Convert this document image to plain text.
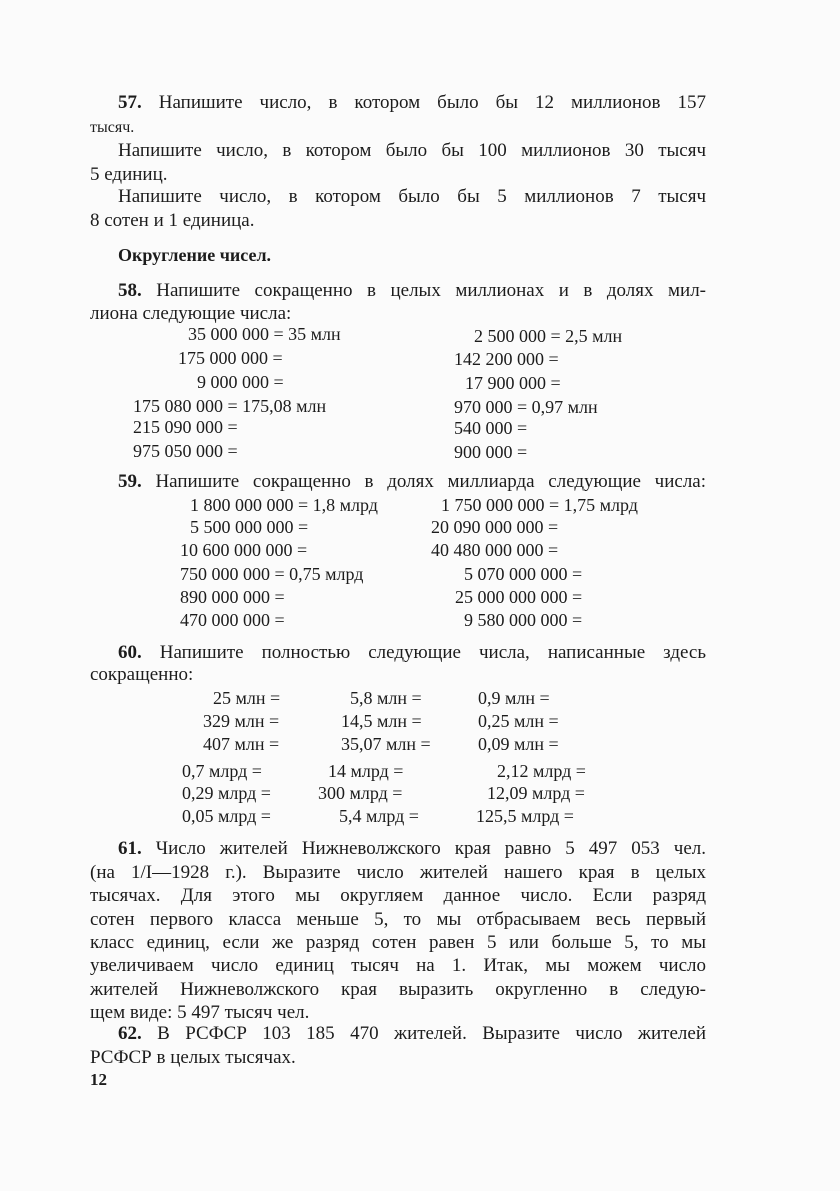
57. Напишите число, в котором было бы 12 миллионов 157
тысяч.
Напишите число, в котором было бы 100 миллионов 30 тысяч
5 единиц.
Напишите число, в котором было бы 5 миллионов 7 тысяч
8 сотен и 1 единица.
Округление чисел.
58. Напишите сокращенно в целых миллионах и в долях мил-
лиона следующие числа:
35 000 000 = 35 млн
175 000 000 =
9 000 000 =
175 080 000 = 175,08 млн
215 090 000 =
975 050 000 =
2 500 000 = 2,5 млн
142 200 000 =
17 900 000 =
970 000 = 0,97 млн
540 000 =
900 000 =
59. Напишите сокращенно в долях миллиарда следующие числа:
1 800 000 000 = 1,8 млрд
5 500 000 000 =
10 600 000 000 =
750 000 000 = 0,75 млрд
890 000 000 =
470 000 000 =
1 750 000 000 = 1,75 млрд
20 090 000 000 =
40 480 000 000 =
5 070 000 000 =
25 000 000 000 =
9 580 000 000 =
60. Напишите полностью следующие числа, написанные здесь
сокращенно:
25 млн =
329 млн =
407 млн =
0,7 млрд =
0,29 млрд =
0,05 млрд =
5,8 млн =
14,5 млн =
35,07 млн =
14 млрд =
300 млрд =
5,4 млрд =
0,9 млн =
0,25 млн =
0,09 млн =
2,12 млрд =
12,09 млрд =
125,5 млрд =
61. Число жителей Нижневолжского края равно 5 497 053 чел.
(на 1/I—1928 г.). Выразите число жителей нашего края в целых
тысячах. Для этого мы округляем данное число. Если разряд
сотен первого класса меньше 5, то мы отбрасываем весь первый
класс единиц, если же разряд сотен равен 5 или больше 5, то мы
увеличиваем число единиц тысяч на 1. Итак, мы можем число
жителей Нижневолжского края выразить округленно в следую-
щем виде: 5 497 тысяч чел.
62. В РСФСР 103 185 470 жителей. Выразите число жителей
РСФСР в целых тысячах.
12
